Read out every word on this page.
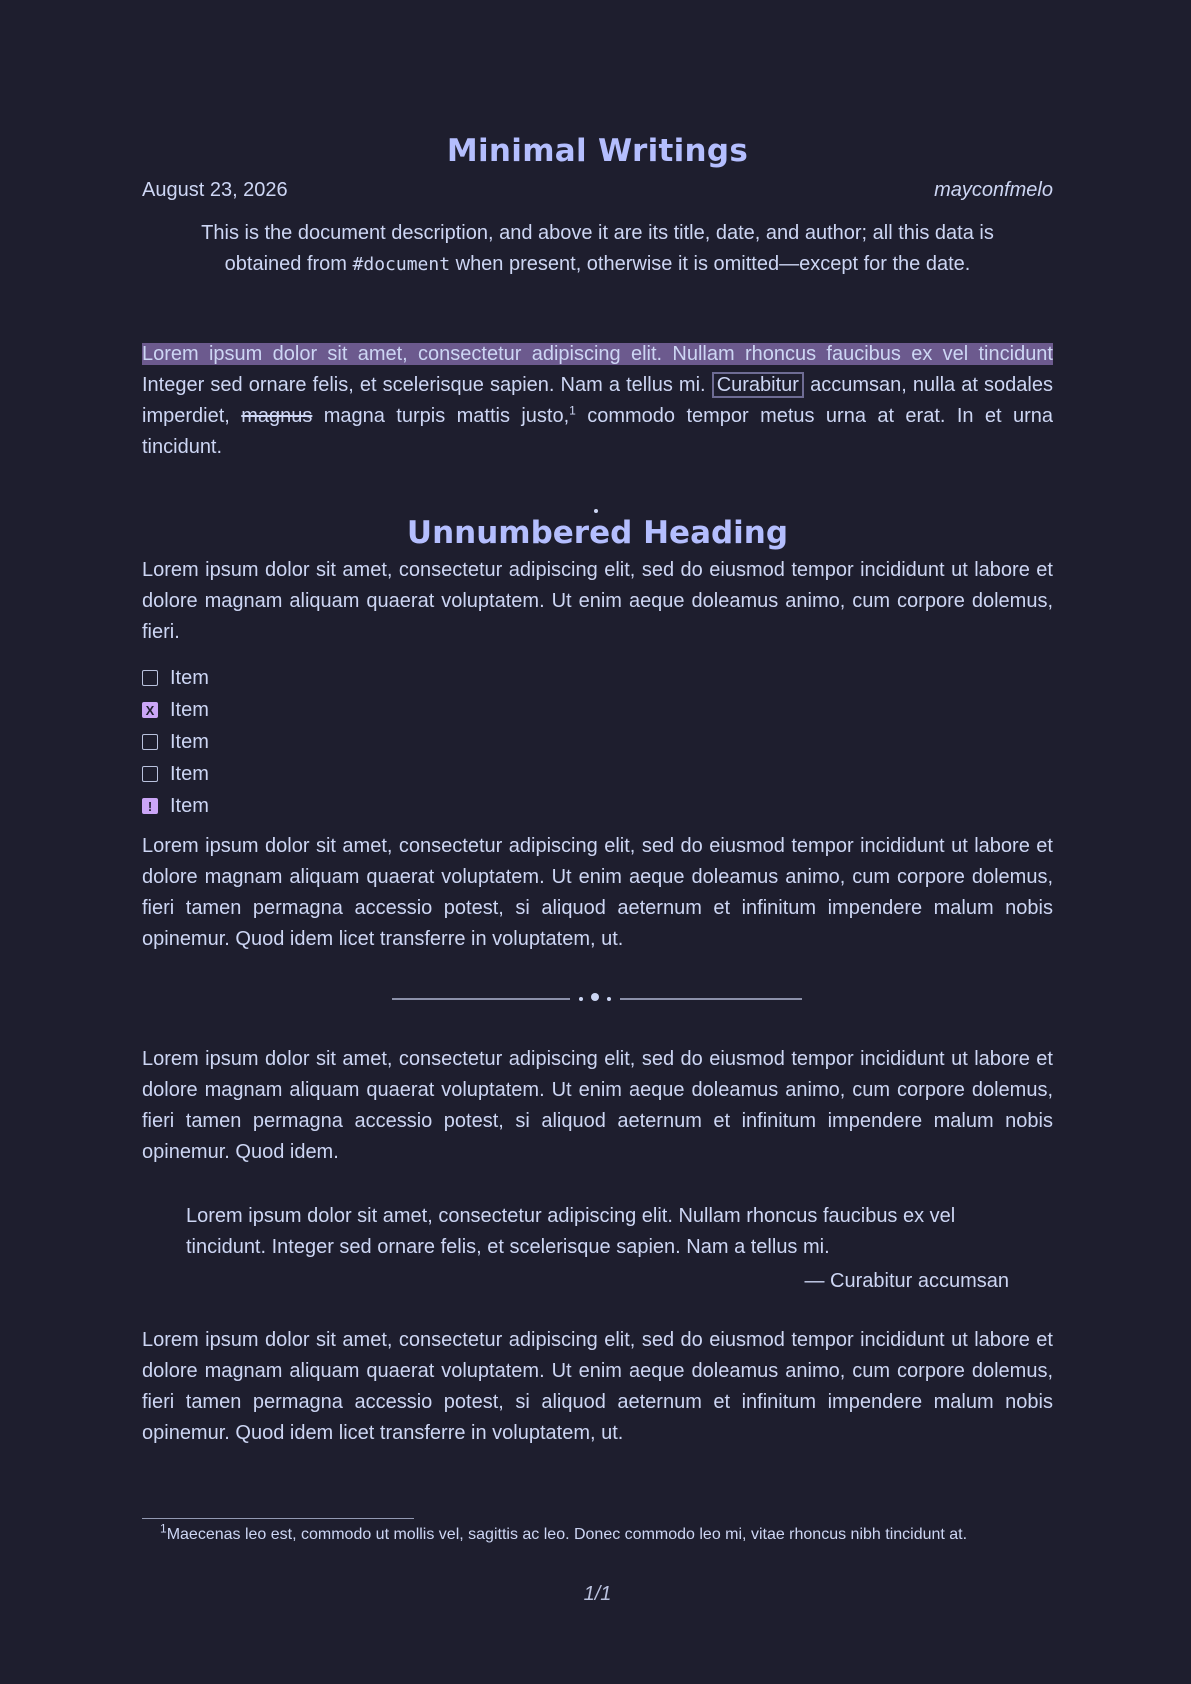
Minimal Writings
August 23, 2026	mayconfmelo

This is the document description, and above it are its title, date, and author; all this data is obtained from #document when present, otherwise it is omitted—except for the date.

Lorem ipsum dolor sit amet, consectetur adipiscing elit. Nullam rhoncus faucibus ex vel tincidunt Integer sed ornare felis, et scelerisque sapien. Nam a tellus mi. Curabitur accumsan, nulla at sodales imperdiet, magnus magna turpis mattis justo,$^1$ commodo tempor metus urna at erat. In et urna tincidunt.

Unnumbered Heading

Lorem ipsum dolor sit amet, consectetur adipiscing elit, sed do eiusmod tempor incididunt ut labore et dolore magnam aliquam quaerat voluptatem. Ut enim aeque doleamus animo, cum corpore dolemus, fieri.

Item
X Item
Item
Item
! Item

Lorem ipsum dolor sit amet, consectetur adipiscing elit, sed do eiusmod tempor incididunt ut labore et dolore magnam aliquam quaerat voluptatem. Ut enim aeque doleamus animo, cum corpore dolemus, fieri tamen permagna accessio potest, si aliquod aeternum et infinitum impendere malum nobis opinemur. Quod idem licet transferre in voluptatem, ut.

Lorem ipsum dolor sit amet, consectetur adipiscing elit, sed do eiusmod tempor incididunt ut labore et dolore magnam aliquam quaerat voluptatem. Ut enim aeque doleamus animo, cum corpore dolemus, fieri tamen permagna accessio potest, si aliquod aeternum et infinitum impendere malum nobis opinemur. Quod idem.

Lorem ipsum dolor sit amet, consectetur adipiscing elit. Nullam rhoncus faucibus ex vel tincidunt. Integer sed ornare felis, et scelerisque sapien. Nam a tellus mi.
— Curabitur accumsan

Lorem ipsum dolor sit amet, consectetur adipiscing elit, sed do eiusmod tempor incididunt ut labore et dolore magnam aliquam quaerat voluptatem. Ut enim aeque doleamus animo, cum corpore dolemus, fieri tamen permagna accessio potest, si aliquod aeternum et infinitum impendere malum nobis opinemur. Quod idem licet transferre in voluptatem, ut.

$^1$Maecenas leo est, commodo ut mollis vel, sagittis ac leo. Donec commodo leo mi, vitae rhoncus nibh tincidunt at.
1/1
